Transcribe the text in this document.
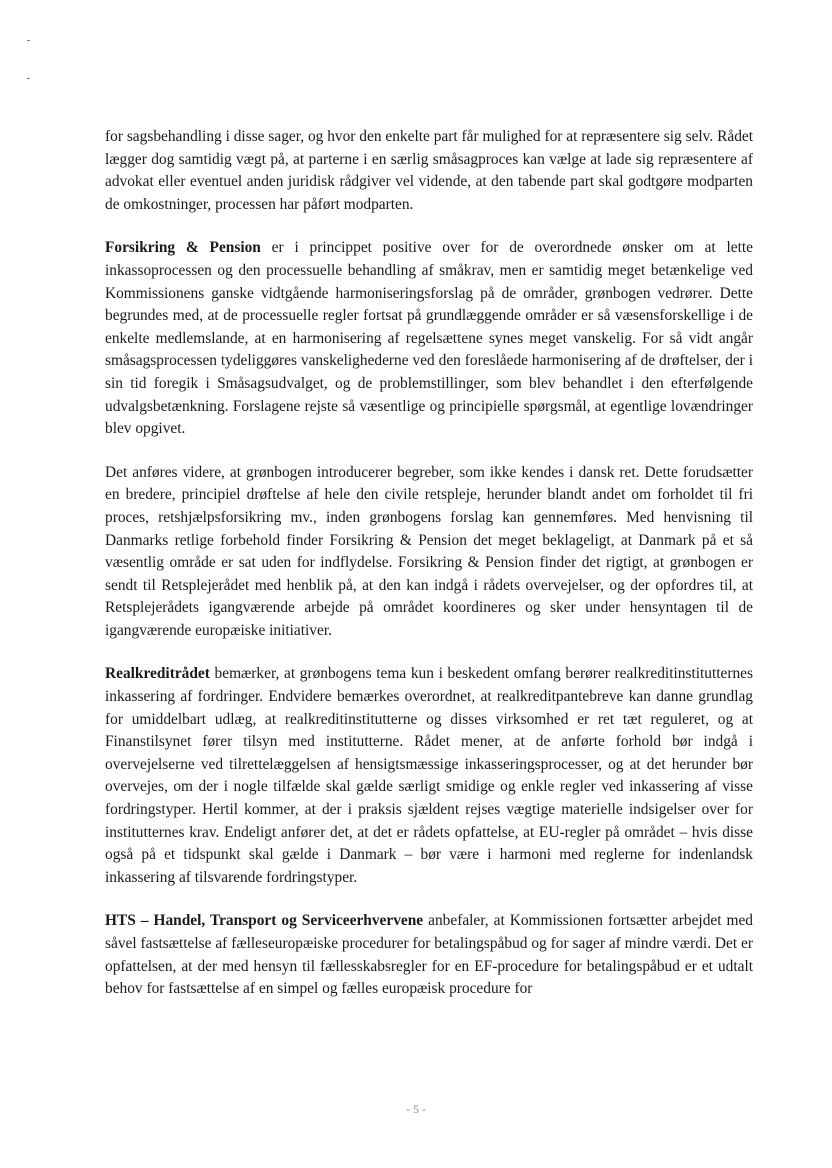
for sagsbehandling i disse sager, og hvor den enkelte part får mulighed for at repræsentere sig selv. Rådet lægger dog samtidig vægt på, at parterne i en særlig småsagproces kan vælge at lade sig repræsentere af advokat eller eventuel anden juridisk rådgiver vel vidende, at den tabende part skal godtgøre modparten de omkostninger, processen har påført modparten.

Forsikring & Pension er i princippet positive over for de overordnede ønsker om at lette inkassoprocessen og den processuelle behandling af småkrav, men er samtidig meget betænkelige ved Kommissionens ganske vidtgående harmoniseringsforslag på de områder, grønbogen vedrører. Dette begrundes med, at de processuelle regler fortsat på grundlæggende områder er så væsensforskellige i de enkelte medlemslande, at en harmonisering af regelsættene synes meget vanskelig. For så vidt angår småsagsprocessen tydeliggøres vanskelighederne ved den foreslåede harmonisering af de drøftelser, der i sin tid foregik i Småsagsudvalget, og de problemstillinger, som blev behandlet i den efterfølgende udvalgsbetænkning. Forslagene rejste så væsentlige og principielle spørgsmål, at egentlige lovændringer blev opgivet.

Det anføres videre, at grønbogen introducerer begreber, som ikke kendes i dansk ret. Dette forudsætter en bredere, principiel drøftelse af hele den civile retspleje, herunder blandt andet om forholdet til fri proces, retshjælpsforsikring mv., inden grønbogens forslag kan gennemføres. Med henvisning til Danmarks retlige forbehold finder Forsikring & Pension det meget beklageligt, at Danmark på et så væsentlig område er sat uden for indflydelse. Forsikring & Pension finder det rigtigt, at grønbogen er sendt til Retsplejerådet med henblik på, at den kan indgå i rådets overvejelser, og der opfordres til, at Retsplejerådets igangværende arbejde på området koordineres og sker under hensyntagen til de igangværende europæiske initiativer.

Realkreditrådet bemærker, at grønbogens tema kun i beskedent omfang berører realkreditinstitutternes inkassering af fordringer. Endvidere bemærkes overordnet, at realkreditpantebreve kan danne grundlag for umiddelbart udlæg, at realkreditinstitutterne og disses virksomhed er ret tæt reguleret, og at Finanstilsynet fører tilsyn med institutterne. Rådet mener, at de anførte forhold bør indgå i overvejelserne ved tilrettelæggelsen af hensigtsmæssige inkasseringsprocesser, og at det herunder bør overvejes, om der i nogle tilfælde skal gælde særligt smidige og enkle regler ved inkassering af visse fordringstyper. Hertil kommer, at der i praksis sjældent rejses vægtige materielle indsigelser over for institutternes krav. Endeligt anfører det, at det er rådets opfattelse, at EU-regler på området – hvis disse også på et tidspunkt skal gælde i Danmark – bør være i harmoni med reglerne for indenlandsk inkassering af tilsvarende fordringstyper.

HTS – Handel, Transport og Serviceerhvervene anbefaler, at Kommissionen fortsætter arbejdet med såvel fastsættelse af fælleseuropæiske procedurer for betalingspåbud og for sager af mindre værdi. Det er opfattelsen, at der med hensyn til fællesskabsregler for en EF-procedure for betalingspåbud er et udtalt behov for fastsættelse af en simpel og fælles europæisk procedure for

- 5 -
